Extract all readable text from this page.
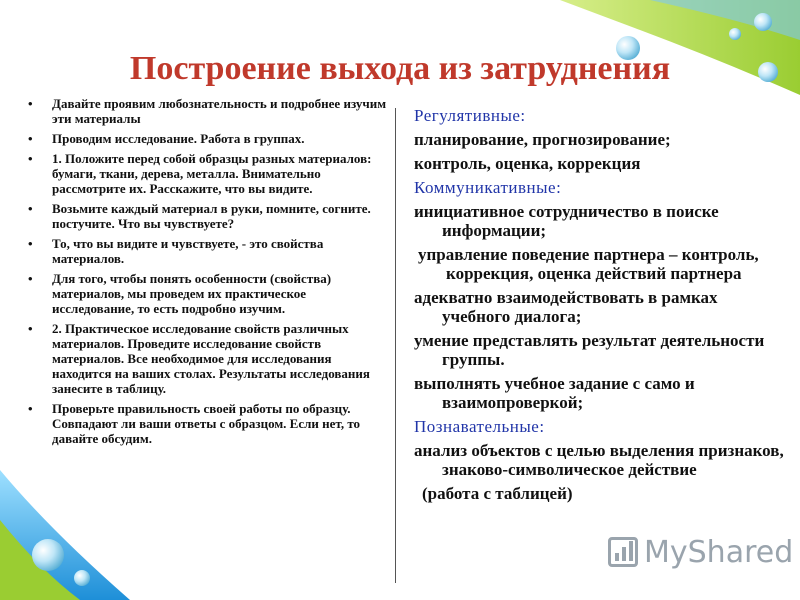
Построение выхода из затруднения
• Давайте проявим любознательность и подробнее изучим эти материалы
• Проводим исследование. Работа в группах.
• 1. Положите перед собой образцы разных материалов: бумаги, ткани, дерева, металла. Внимательно рассмотрите их. Расскажите, что вы видите.
• Возьмите каждый материал в руки, помните, согните. постучите. Что вы чувствуете?
• То, что вы видите и чувствуете, - это свойства материалов.
• Для того, чтобы понять особенности (свойства) материалов, мы проведем их практическое исследование, то есть подробно изучим.
• 2. Практическое исследование свойств различных материалов. Проведите исследование свойств материалов. Все необходимое для исследования находится на ваших столах. Результаты исследования занесите в таблицу.
• Проверьте правильность своей работы по образцу. Совпадают ли ваши ответы с образцом. Если нет, то давайте обсудим.
Регулятивные:
планирование, прогнозирование;
контроль, оценка, коррекция
Коммуникативные:
инициативное сотрудничество в поиске информации;
управление поведение партнера – контроль, коррекция, оценка действий партнера
адекватно взаимодействовать в рамках учебного диалога;
умение представлять результат деятельности группы.
выполнять учебное задание с само и взаимопроверкой;
Познавательные:
анализ объектов с целью выделения признаков, знаково-символическое действие
(работа с таблицей)
MyShared
